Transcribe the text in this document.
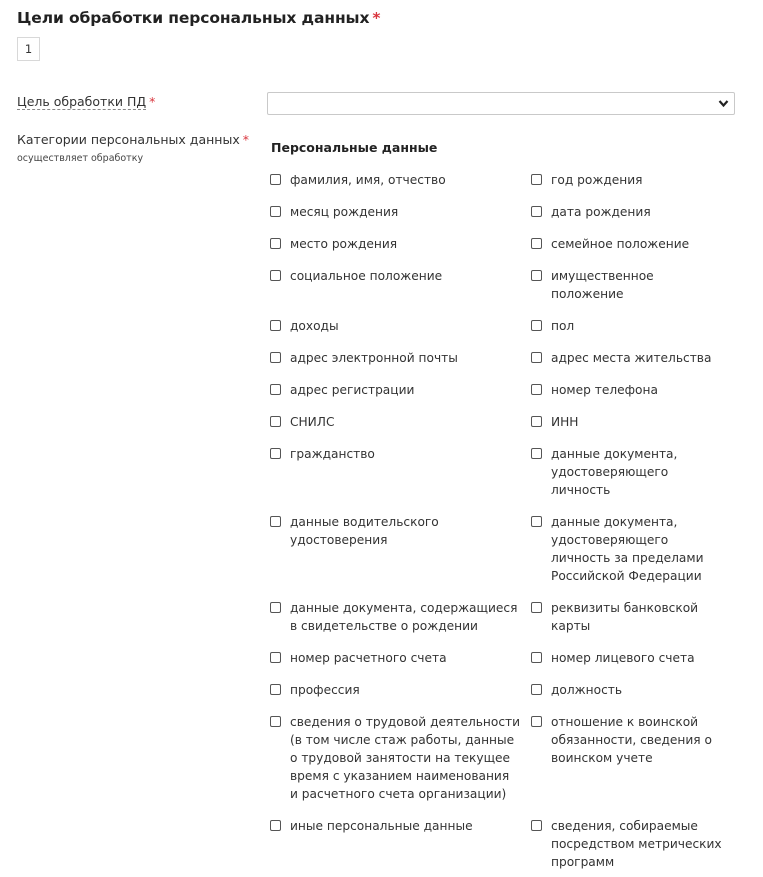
Цели обработки персональных данных *
1
Цель обработки ПД *
Категории персональных данных *
осуществляет обработку
Персональные данные
фамилия, имя, отчество
месяц рождения
место рождения
социальное положение
доходы
адрес электронной почты
адрес регистрации
СНИЛС
гражданство
данные водительского
удостоверения
данные документа, содержащиеся
в свидетельстве о рождении
номер расчетного счета
профессия
сведения о трудовой деятельности
(в том числе стаж работы, данные
о трудовой занятости на текущее
время с указанием наименования
и расчетного счета организации)
иные персональные данные
год рождения
дата рождения
семейное положение
имущественное
положение
пол
адрес места жительства
номер телефона
ИНН
данные документа,
удостоверяющего
личность
данные документа,
удостоверяющего
личность за пределами
Российской Федерации
реквизиты банковской
карты
номер лицевого счета
должность
отношение к воинской
обязанности, сведения о
воинском учете
сведения, собираемые
посредством метрических
программ
